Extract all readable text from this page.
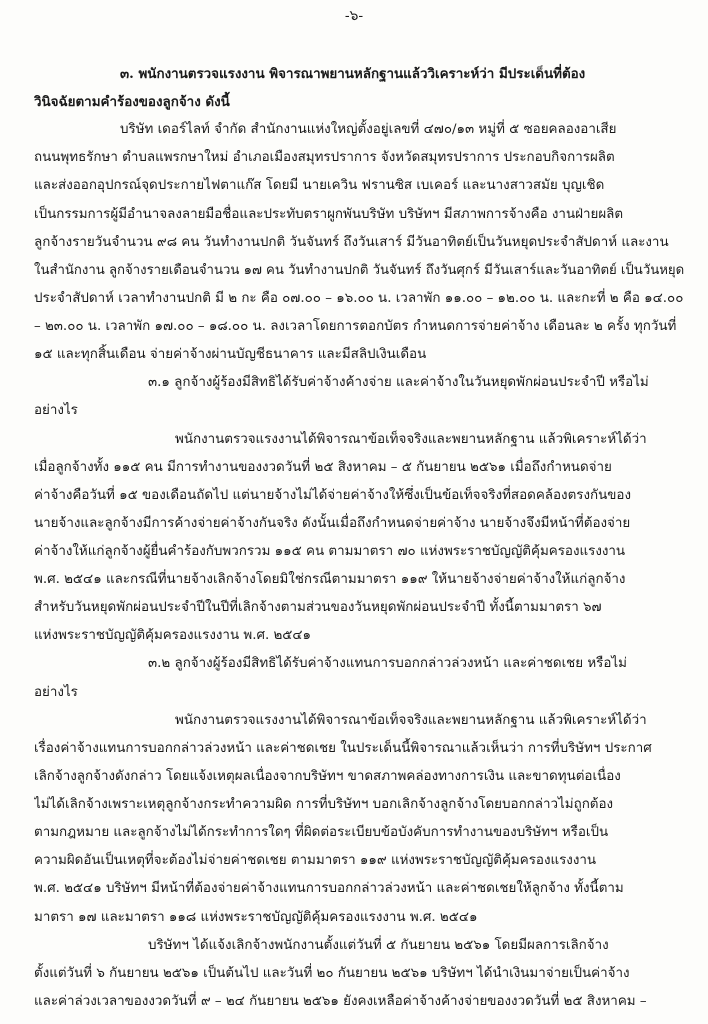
-๖-
๓. พนักงานตรวจแรงงาน พิจารณาพยานหลักฐานแล้ววิเคราะห์ว่า มีประเด็นที่ต้อง
วินิจฉัยตามคำร้องของลูกจ้าง ดังนี้
บริษัท เดอร์ไลท์ จำกัด สำนักงานแห่งใหญ่ตั้งอยู่เลขที่ ๔๗๐/๑๓ หมู่ที่ ๕ ซอยคลองอาเสีย
ถนนพุทธรักษา ตำบลแพรกษาใหม่ อำเภอเมืองสมุทรปราการ จังหวัดสมุทรปราการ ประกอบกิจการผลิต
และส่งออกอุปกรณ์จุดประกายไฟตาแก๊ส โดยมี นายเควิน ฟรานซิส เบเคอร์ และนางสาวสมัย บุญเชิด
เป็นกรรมการผู้มีอำนาจลงลายมือชื่อและประทับตราผูกพันบริษัท บริษัทฯ มีสภาพการจ้างคือ งานฝ่ายผลิต
ลูกจ้างรายวันจำนวน ๙๘ คน วันทำงานปกติ วันจันทร์ ถึงวันเสาร์ มีวันอาทิตย์เป็นวันหยุดประจำสัปดาห์ และงาน
ในสำนักงาน ลูกจ้างรายเดือนจำนวน ๑๗ คน วันทำงานปกติ วันจันทร์ ถึงวันศุกร์ มีวันเสาร์และวันอาทิตย์ เป็นวันหยุด
ประจำสัปดาห์ เวลาทำงานปกติ มี ๒ กะ คือ ๐๗.๐๐ – ๑๖.๐๐ น. เวลาพัก ๑๑.๐๐ – ๑๒.๐๐ น. และกะที่ ๒ คือ ๑๔.๐๐
– ๒๓.๐๐ น. เวลาพัก ๑๗.๐๐ – ๑๘.๐๐ น. ลงเวลาโดยการตอกบัตร กำหนดการจ่ายค่าจ้าง เดือนละ ๒ ครั้ง ทุกวันที่
๑๕ และทุกสิ้นเดือน จ่ายค่าจ้างผ่านบัญชีธนาคาร และมีสลิปเงินเดือน
๓.๑ ลูกจ้างผู้ร้องมีสิทธิได้รับค่าจ้างค้างจ่าย และค่าจ้างในวันหยุดพักผ่อนประจำปี หรือไม่
อย่างไร
พนักงานตรวจแรงงานได้พิจารณาข้อเท็จจริงและพยานหลักฐาน แล้วพิเคราะห์ได้ว่า
เมื่อลูกจ้างทั้ง ๑๑๕ คน มีการทำงานของงวดวันที่ ๒๕ สิงหาคม – ๕ กันยายน ๒๕๖๑ เมื่อถึงกำหนดจ่าย
ค่าจ้างคือวันที่ ๑๕ ของเดือนถัดไป แต่นายจ้างไม่ได้จ่ายค่าจ้างให้ซึ่งเป็นข้อเท็จจริงที่สอดคล้องตรงกันของ
นายจ้างและลูกจ้างมีการค้างจ่ายค่าจ้างกันจริง ดังนั้นเมื่อถึงกำหนดจ่ายค่าจ้าง นายจ้างจึงมีหน้าที่ต้องจ่าย
ค่าจ้างให้แก่ลูกจ้างผู้ยื่นคำร้องกับพวกรวม ๑๑๕ คน ตามมาตรา ๗๐ แห่งพระราชบัญญัติคุ้มครองแรงงาน
พ.ศ. ๒๕๔๑ และกรณีที่นายจ้างเลิกจ้างโดยมิใช่กรณีตามมาตรา ๑๑๙ ให้นายจ้างจ่ายค่าจ้างให้แก่ลูกจ้าง
สำหรับวันหยุดพักผ่อนประจำปีในปีที่เลิกจ้างตามส่วนของวันหยุดพักผ่อนประจำปี ทั้งนี้ตามมาตรา ๖๗
แห่งพระราชบัญญัติคุ้มครองแรงงาน พ.ศ. ๒๕๔๑
๓.๒ ลูกจ้างผู้ร้องมีสิทธิได้รับค่าจ้างแทนการบอกกล่าวล่วงหน้า และค่าชดเชย หรือไม่
อย่างไร
พนักงานตรวจแรงงานได้พิจารณาข้อเท็จจริงและพยานหลักฐาน แล้วพิเคราะห์ได้ว่า
เรื่องค่าจ้างแทนการบอกกล่าวล่วงหน้า และค่าชดเชย ในประเด็นนี้พิจารณาแล้วเห็นว่า การที่บริษัทฯ ประกาศ
เลิกจ้างลูกจ้างดังกล่าว โดยแจ้งเหตุผลเนื่องจากบริษัทฯ ขาดสภาพคล่องทางการเงิน และขาดทุนต่อเนื่อง
ไม่ได้เลิกจ้างเพราะเหตุลูกจ้างกระทำความผิด การที่บริษัทฯ บอกเลิกจ้างลูกจ้างโดยบอกกล่าวไม่ถูกต้อง
ตามกฎหมาย และลูกจ้างไม่ได้กระทำการใดๆ ที่ผิดต่อระเบียบข้อบังคับการทำงานของบริษัทฯ หรือเป็น
ความผิดอันเป็นเหตุที่จะต้องไม่จ่ายค่าชดเชย ตามมาตรา ๑๑๙ แห่งพระราชบัญญัติคุ้มครองแรงงาน
พ.ศ. ๒๕๔๑ บริษัทฯ มีหน้าที่ต้องจ่ายค่าจ้างแทนการบอกกล่าวล่วงหน้า และค่าชดเชยให้ลูกจ้าง ทั้งนี้ตาม
มาตรา ๑๗ และมาตรา ๑๑๘ แห่งพระราชบัญญัติคุ้มครองแรงงาน พ.ศ. ๒๕๔๑
บริษัทฯ ได้แจ้งเลิกจ้างพนักงานตั้งแต่วันที่ ๕ กันยายน ๒๕๖๑ โดยมีผลการเลิกจ้าง
ตั้งแต่วันที่ ๖ กันยายน ๒๕๖๑ เป็นต้นไป และวันที่ ๒๐ กันยายน ๒๕๖๑ บริษัทฯ ได้นำเงินมาจ่ายเป็นค่าจ้าง
และค่าล่วงเวลาของงวดวันที่ ๙ – ๒๔ กันยายน ๒๕๖๑ ยังคงเหลือค่าจ้างค้างจ่ายของงวดวันที่ ๒๕ สิงหาคม –
